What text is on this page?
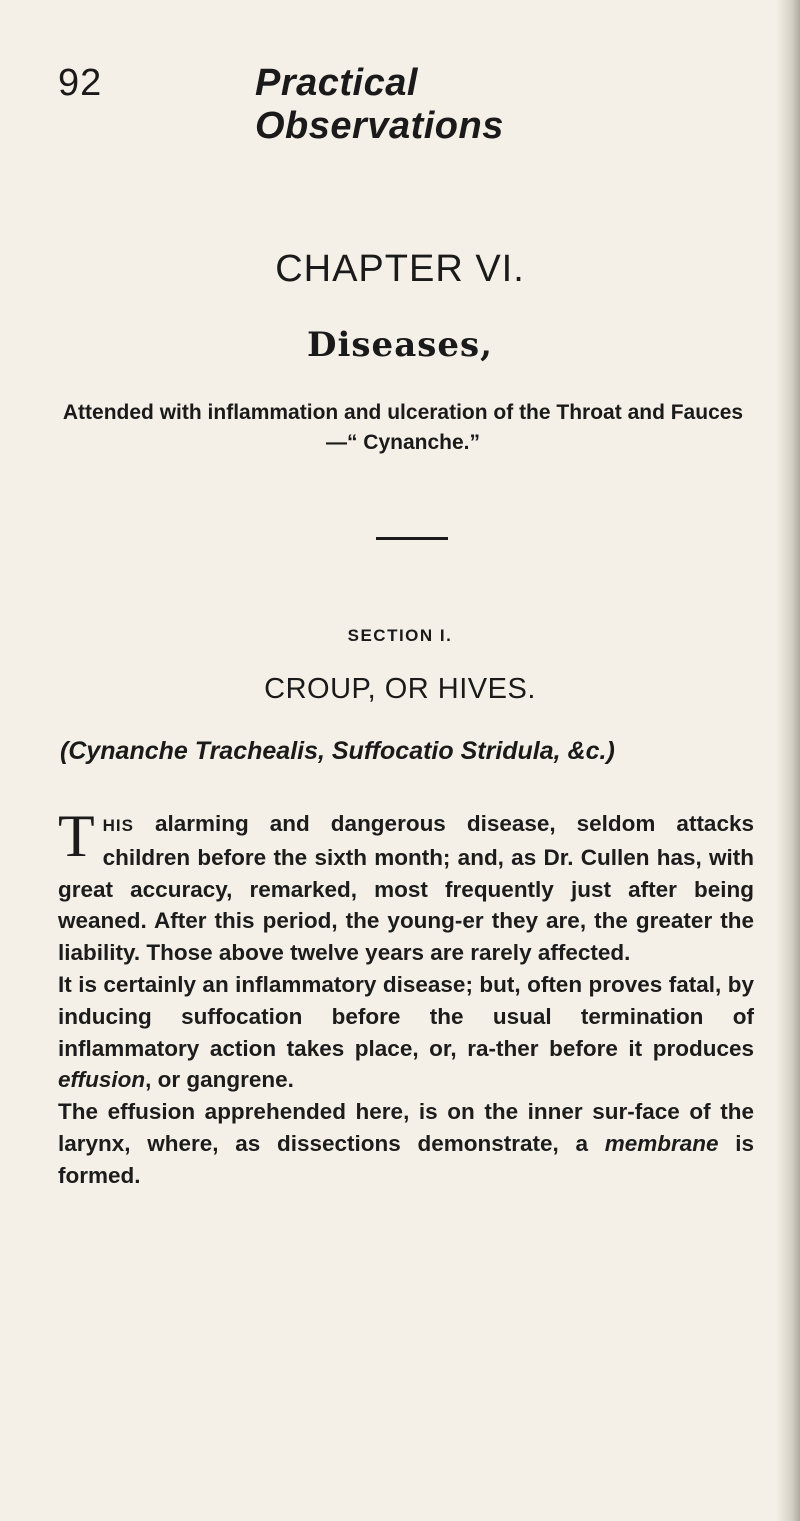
92	Practical Observations
CHAPTER VI.
Diseases,
Attended with inflammation and ulceration of the Throat and Fauces—“ Cynanche.”
SECTION I.
CROUP, OR HIVES.
(Cynanche Trachealis, Suffocatio Stridula, &c.)

THIS alarming and dangerous disease, seldom attacks children before the sixth month; and, as Dr. Cullen has, with great accuracy, remarked, most frequently just after being weaned. After this period, the young-er they are, the greater the liability. Those above twelve years are rarely affected.

It is certainly an inflammatory disease; but, often proves fatal, by inducing suffocation before the usual termination of inflammatory action takes place, or, ra-ther before it produces effusion, or gangrene.

The effusion apprehended here, is on the inner sur-face of the larynx, where, as dissections demonstrate, a membrane is formed.
